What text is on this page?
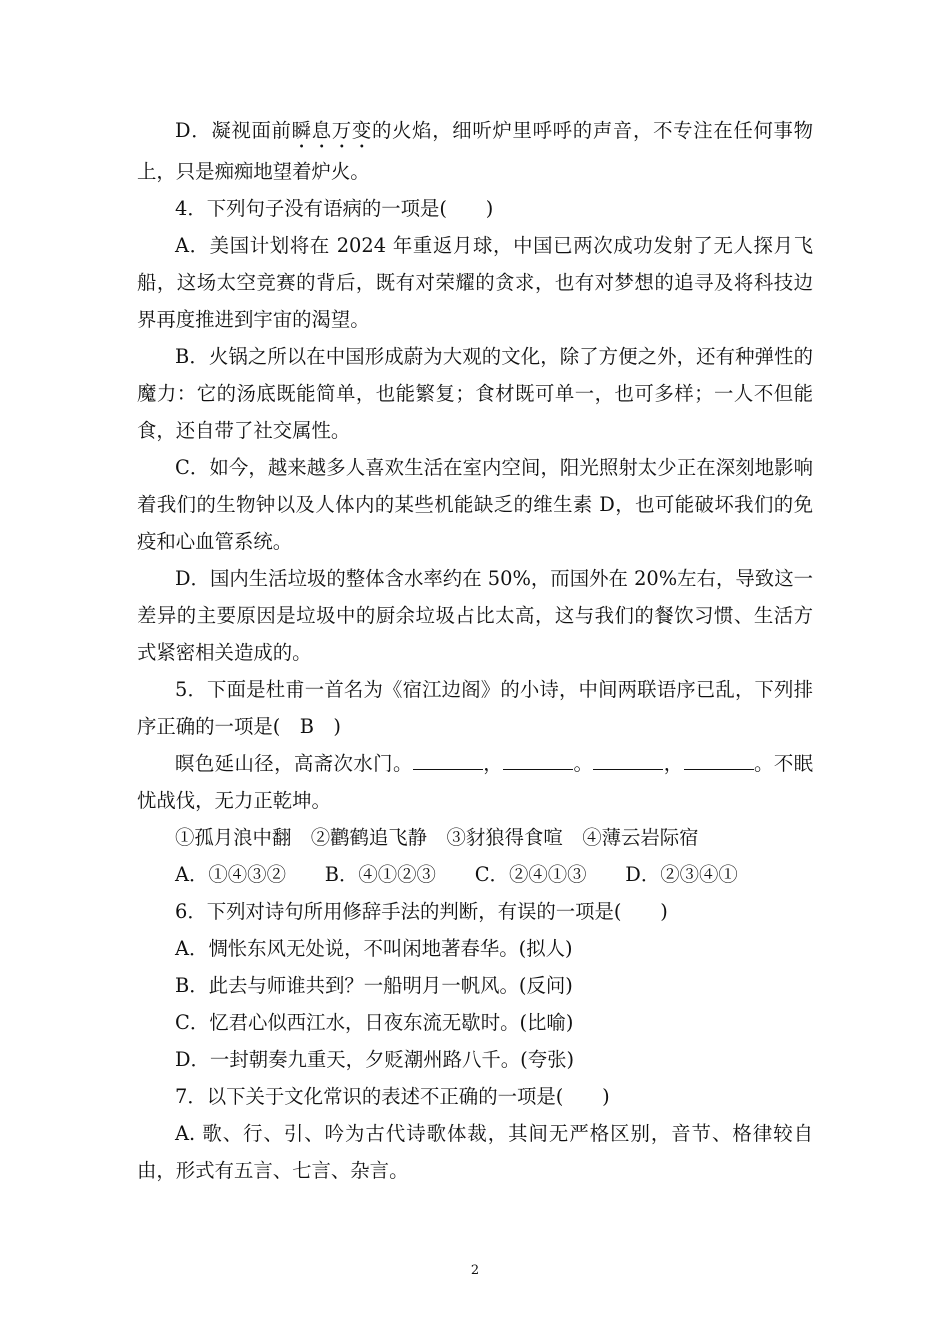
D．凝视面前瞬息万变的火焰，细听炉里呼呼的声音，不专注在任何事物上，只是痴痴地望着炉火。

4．下列句子没有语病的一项是(　　)

A．美国计划将在 2024 年重返月球，中国已两次成功发射了无人探月飞船，这场太空竞赛的背后，既有对荣耀的贪求，也有对梦想的追寻及将科技边界再度推进到宇宙的渴望。

B．火锅之所以在中国形成蔚为大观的文化，除了方便之外，还有种弹性的魔力：它的汤底既能简单，也能繁复；食材既可单一，也可多样；一人不但能食，还自带了社交属性。

C．如今，越来越多人喜欢生活在室内空间，阳光照射太少正在深刻地影响着我们的生物钟以及人体内的某些机能缺乏的维生素 D，也可能破坏我们的免疫和心血管系统。

D．国内生活垃圾的整体含水率约在 50%，而国外在 20%左右，导致这一差异的主要原因是垃圾中的厨余垃圾占比太高，这与我们的餐饮习惯、生活方式紧密相关造成的。

5．下面是杜甫一首名为《宿江边阁》的小诗，中间两联语序已乱，下列排序正确的一项是(　B　)

暝色延山径，高斋次水门。	，	。	，	。不眠忧战伐，无力正乾坤。

①孤月浪中翻　②鹳鹤追飞静　③豺狼得食喧　④薄云岩际宿

A．①④③②　　B．④①②③　　C．②④①③　　D．②③④①

6．下列对诗句所用修辞手法的判断，有误的一项是(　　)

A．惆怅东风无处说，不叫闲地著春华。(拟人)

B．此去与师谁共到？一船明月一帆风。(反问)

C．忆君心似西江水，日夜东流无歇时。(比喻)

D．一封朝奏九重天，夕贬潮州路八千。(夸张)

7．以下关于文化常识的表述不正确的一项是(　　)

A. 歌、行、引、吟为古代诗歌体裁，其间无严格区别，音节、格律较自由，形式有五言、七言、杂言。

2
